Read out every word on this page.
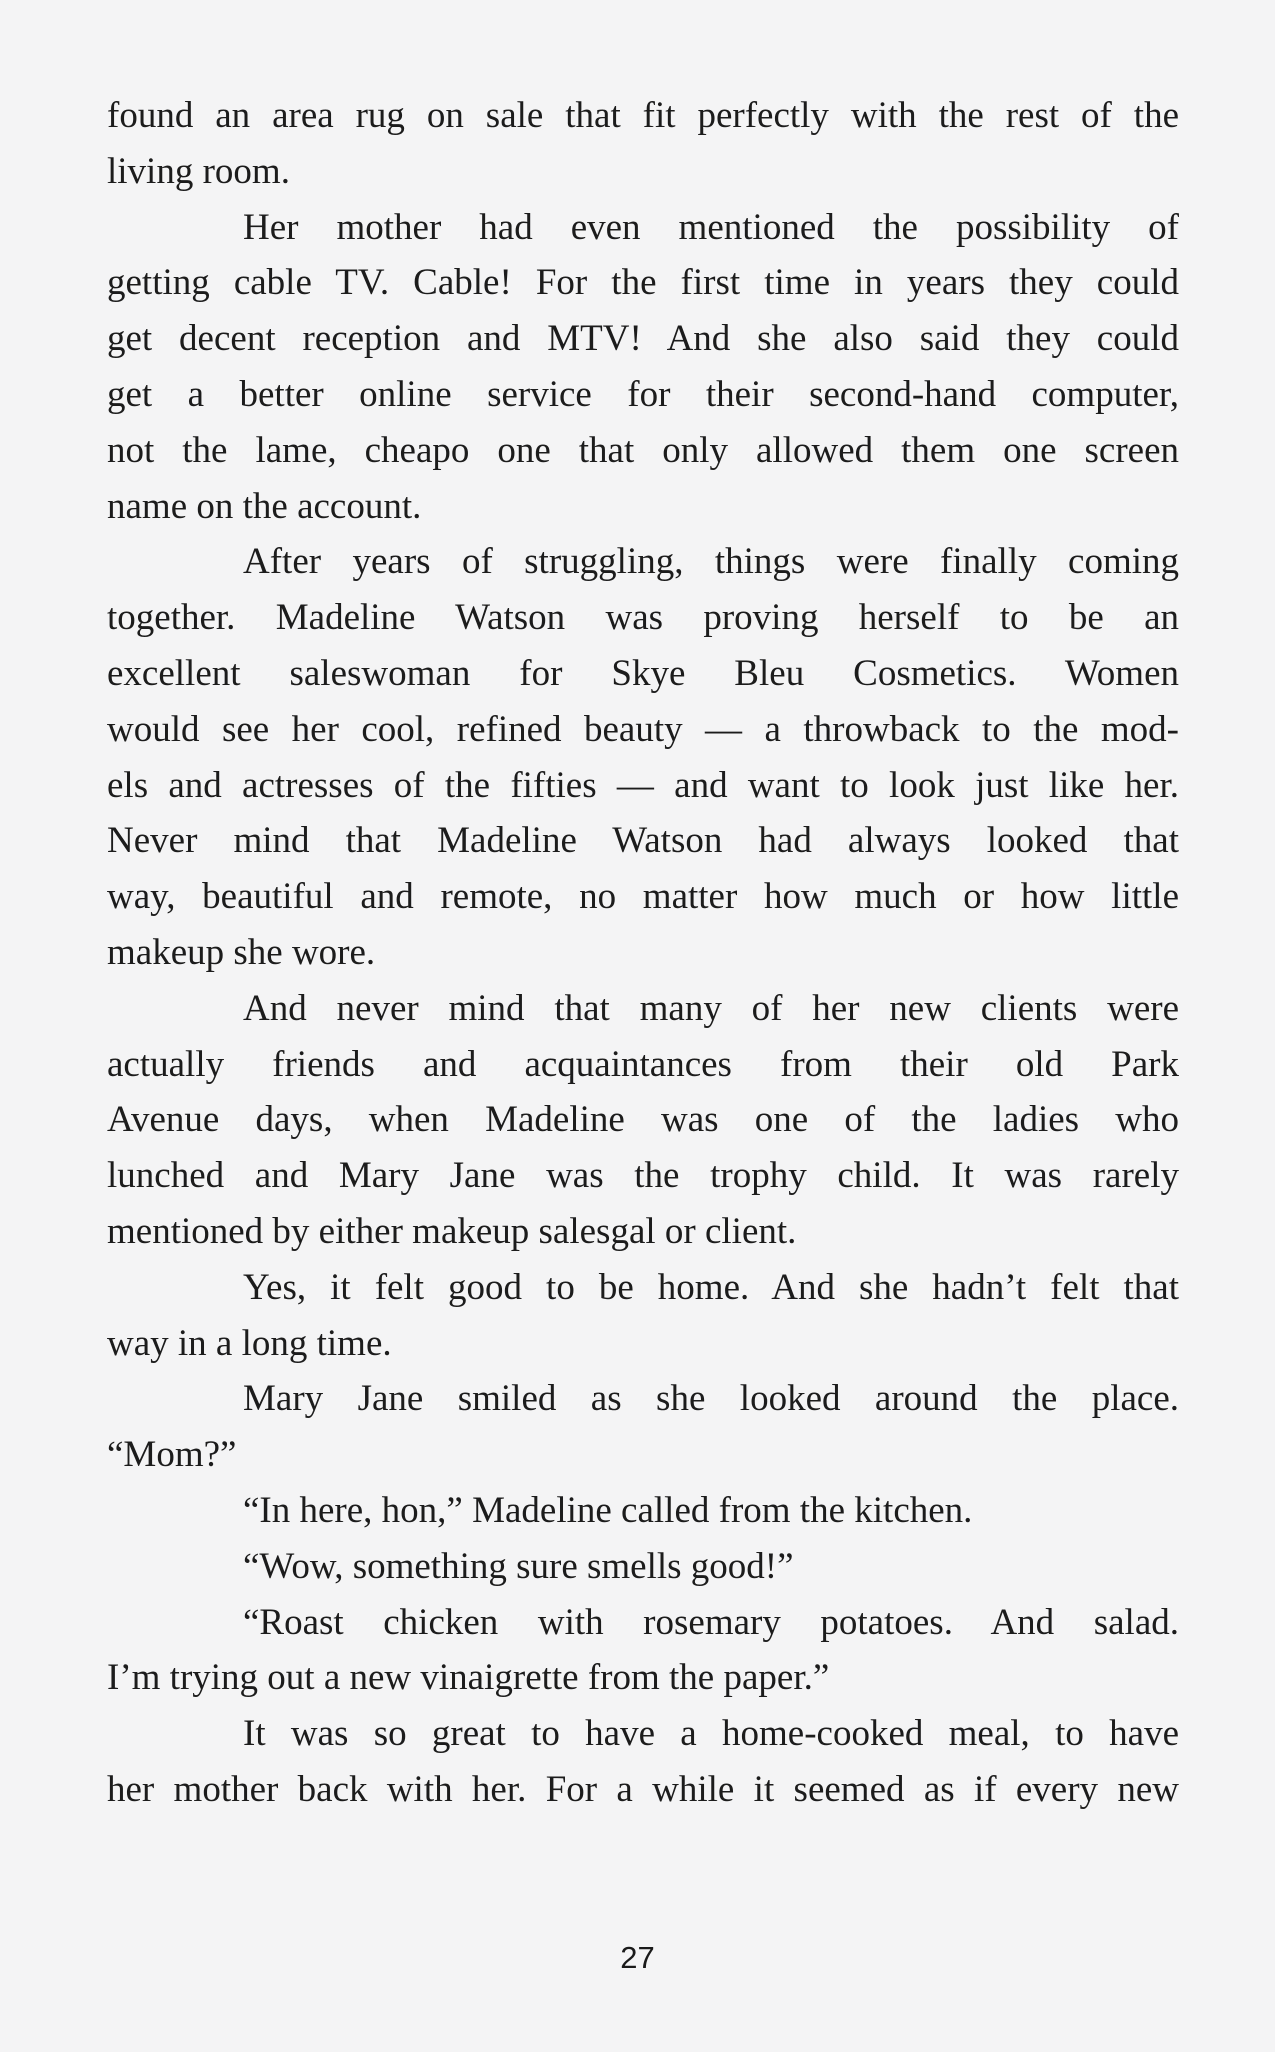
found an area rug on sale that fit perfectly with the rest of the
living room.
Her mother had even mentioned the possibility of
getting cable TV. Cable! For the first time in years they could
get decent reception and MTV! And she also said they could
get a better online service for their second-hand computer,
not the lame, cheapo one that only allowed them one screen
name on the account.
After years of struggling, things were finally coming
together. Madeline Watson was proving herself to be an
excellent saleswoman for Skye Bleu Cosmetics. Women
would see her cool, refined beauty — a throwback to the mod-
els and actresses of the fifties — and want to look just like her.
Never mind that Madeline Watson had always looked that
way, beautiful and remote, no matter how much or how little
makeup she wore.
And never mind that many of her new clients were
actually friends and acquaintances from their old Park
Avenue days, when Madeline was one of the ladies who
lunched and Mary Jane was the trophy child. It was rarely
mentioned by either makeup salesgal or client.
Yes, it felt good to be home. And she hadn’t felt that
way in a long time.
Mary Jane smiled as she looked around the place.
“Mom?”
“In here, hon,” Madeline called from the kitchen.
“Wow, something sure smells good!”
“Roast chicken with rosemary potatoes. And salad.
I’m trying out a new vinaigrette from the paper.”
It was so great to have a home-cooked meal, to have
her mother back with her. For a while it seemed as if every new
27
